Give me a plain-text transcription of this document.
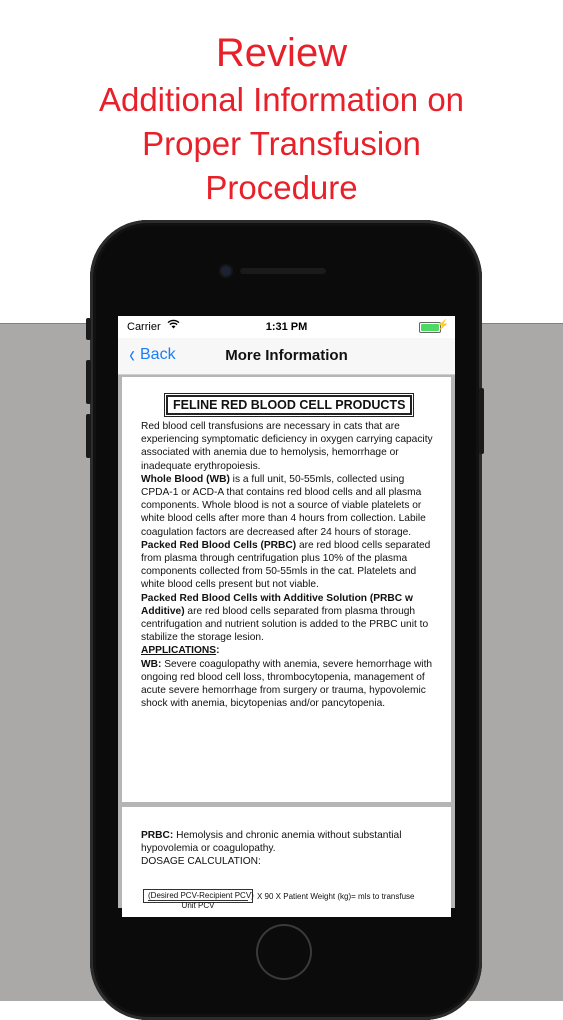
Review
Additional Information on
Proper Transfusion
Procedure
Carrier	1:31 PM	⚡
‹ Back	More Information
FELINE RED BLOOD CELL PRODUCTS

Red blood cell transfusions are necessary in cats that are experiencing symptomatic deficiency in oxygen carrying capacity associated with anemia due to hemolysis, hemorrhage or inadequate erythropoiesis.

Whole Blood (WB) is a full unit, 50-55mls, collected using CPDA-1 or ACD-A that contains red blood cells and all plasma components. Whole blood is not a source of viable platelets or white blood cells after more than 4 hours from collection. Labile coagulation factors are decreased after 24 hours of storage.

Packed Red Blood Cells (PRBC) are red blood cells separated from plasma through centrifugation plus 10% of the plasma components collected from 50-55mls in the cat. Platelets and white blood cells present but not viable.

Packed Red Blood Cells with Additive Solution (PRBC w Additive) are red blood cells separated from plasma through centrifugation and nutrient solution is added to the PRBC unit to stabilize the storage lesion.

APPLICATIONS:

WB: Severe coagulopathy with anemia, severe hemorrhage with ongoing red blood cell loss, thrombocytopenia, management of acute severe hemorrhage from surgery or trauma, hypovolemic shock with anemia, bicytopenias and/or pancytopenia.

PRBC: Hemolysis and chronic anemia without substantial hypovolemia or coagulopathy.

DOSAGE CALCULATION:

(Desired PCV-Recipient PCV)
Unit PCV
X 90 X Patient Weight (kg)= mls to transfuse
